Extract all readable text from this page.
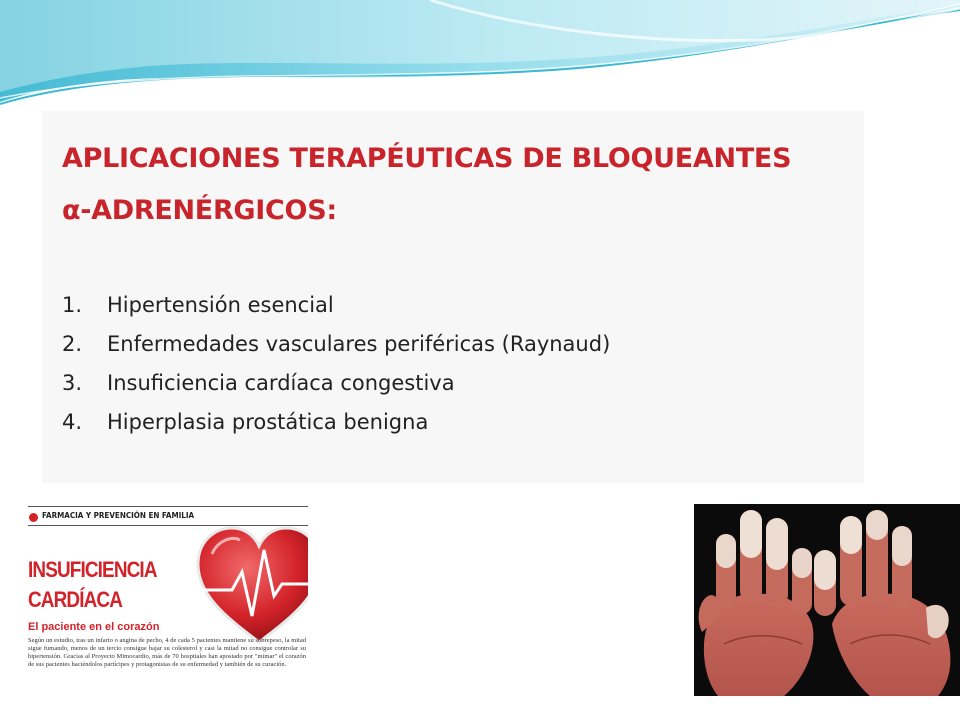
APLICACIONES TERAPÉUTICAS DE BLOQUEANTES
α-ADRENÉRGICOS:
1. Hipertensión esencial
2. Enfermedades vasculares periféricas (Raynaud)
3. Insuficiencia cardíaca congestiva
4. Hiperplasia prostática benigna
FARMACIA Y PREVENCIÓN EN FAMILIA
INSUFICIENCIA
CARDÍACA
El paciente en el corazón
Según un estudio, tras un infarto o angina de pecho, 4 de cada 5 pacientes mantiene su sobrepeso, la mitad sigue fumando, menos de un tercio consigue bajar su colesterol y casi la mitad no consigue controlar su hipertensión. Gracias al Proyecto Mimocardio, más de 70 hospitales han apostado por "mimar" el corazón de sus pacientes haciéndolos partícipes y protagonistas de su enfermedad y también de su curación.
